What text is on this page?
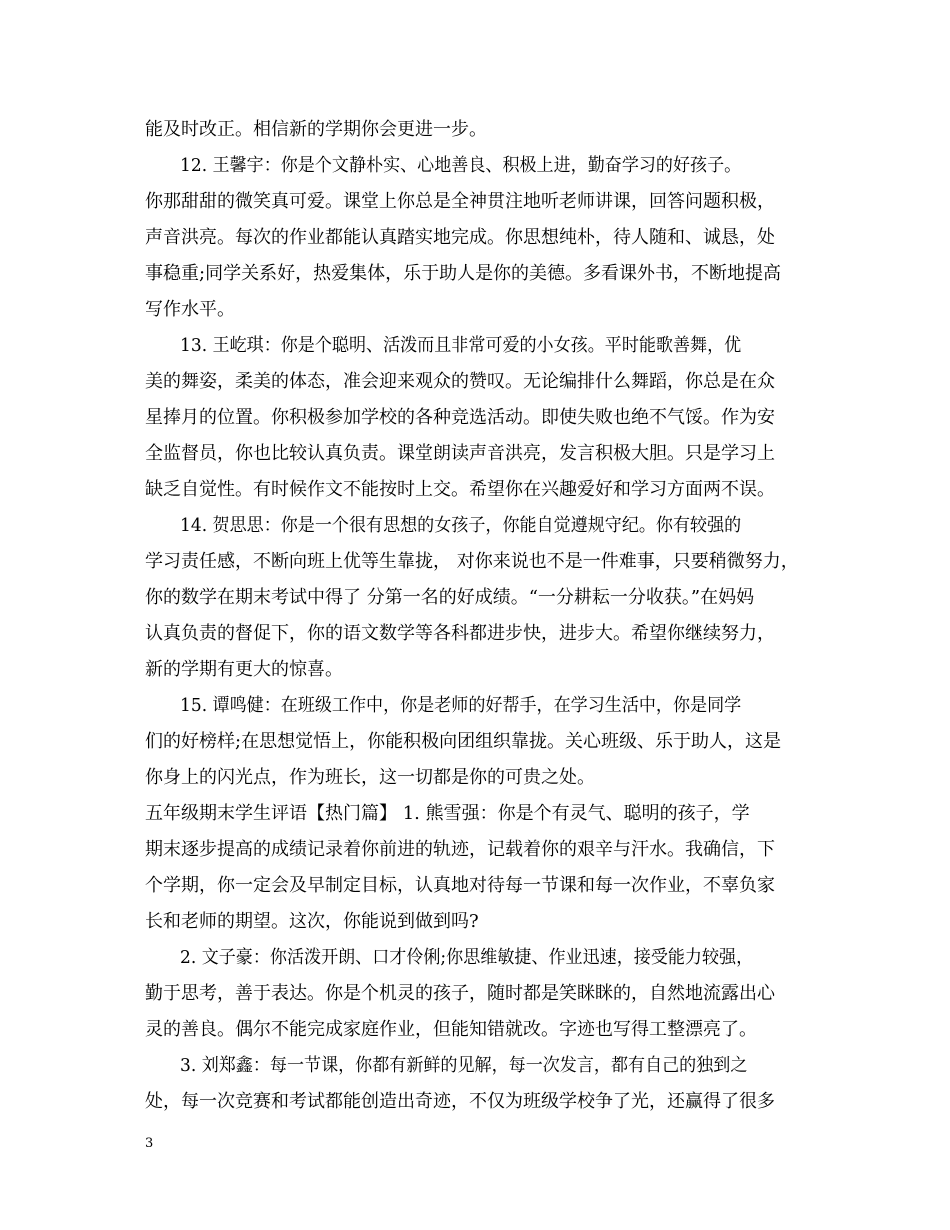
能及时改正。相信新的学期你会更进一步。
12. 王馨宇：你是个文静朴实、心地善良、积极上进，勤奋学习的好孩子。
你那甜甜的微笑真可爱。课堂上你总是全神贯注地听老师讲课，回答问题积极，
声音洪亮。每次的作业都能认真踏实地完成。你思想纯朴，待人随和、诚恳，处
事稳重;同学关系好，热爱集体，乐于助人是你的美德。多看课外书，不断地提高
写作水平。
13. 王屹琪：你是个聪明、活泼而且非常可爱的小女孩。平时能歌善舞，优
美的舞姿，柔美的体态，准会迎来观众的赞叹。无论编排什么舞蹈，你总是在众
星捧月的位置。你积极参加学校的各种竞选活动。即使失败也绝不气馁。作为安
全监督员，你也比较认真负责。课堂朗读声音洪亮，发言积极大胆。只是学习上
缺乏自觉性。有时候作文不能按时上交。希望你在兴趣爱好和学习方面两不误。
14. 贺思思：你是一个很有思想的女孩子，你能自觉遵规守纪。你有较强的
学习责任感，不断向班上优等生靠拢， 对你来说也不是一件难事，只要稍微努力，
你的数学在期末考试中得了 分第一名的好成绩。“一分耕耘一分收获。”在妈妈
认真负责的督促下，你的语文数学等各科都进步快，进步大。希望你继续努力，
新的学期有更大的惊喜。
15. 谭鸣健：在班级工作中，你是老师的好帮手，在学习生活中，你是同学
们的好榜样;在思想觉悟上，你能积极向团组织靠拢。关心班级、乐于助人，这是
你身上的闪光点，作为班长，这一切都是你的可贵之处。
五年级期末学生评语【热门篇】 1. 熊雪强：你是个有灵气、聪明的孩子，学
期末逐步提高的成绩记录着你前进的轨迹，记载着你的艰辛与汗水。我确信，下
个学期，你一定会及早制定目标，认真地对待每一节课和每一次作业，不辜负家
长和老师的期望。这次，你能说到做到吗?
2. 文子豪：你活泼开朗、口才伶俐;你思维敏捷、作业迅速，接受能力较强，
勤于思考，善于表达。你是个机灵的孩子，随时都是笑眯眯的，自然地流露出心
灵的善良。偶尔不能完成家庭作业，但能知错就改。字迹也写得工整漂亮了。
3. 刘郑鑫：每一节课，你都有新鲜的见解，每一次发言，都有自己的独到之
处，每一次竞赛和考试都能创造出奇迹，不仅为班级学校争了光，还赢得了很多
3
